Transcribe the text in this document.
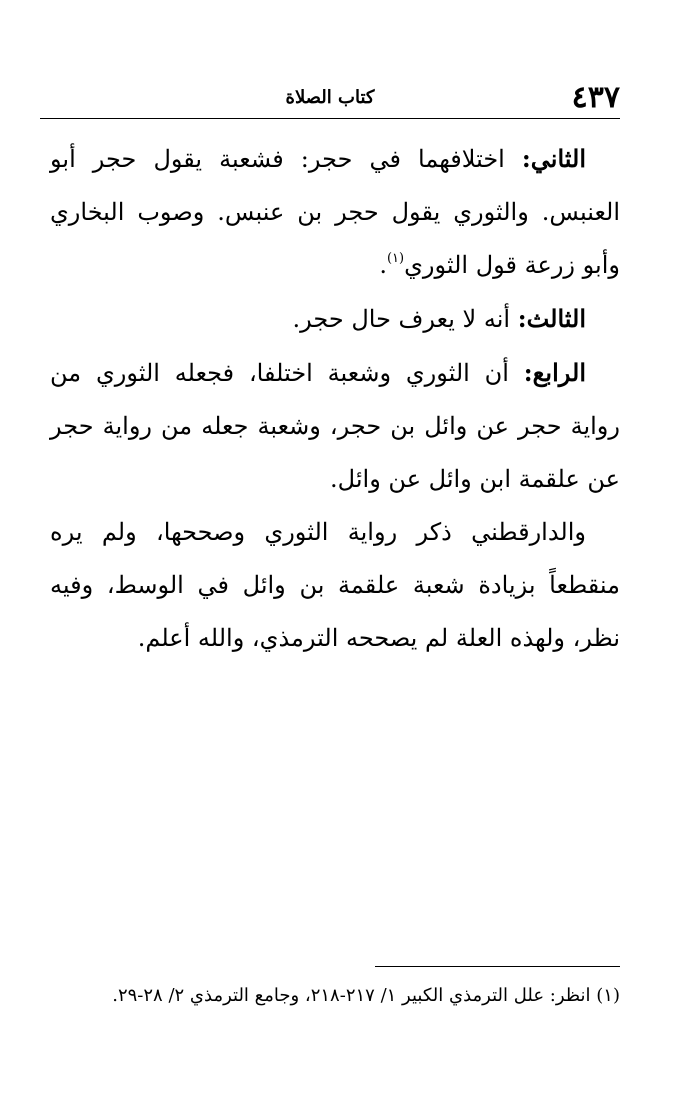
٤٣٧
كتاب الصلاة

الثاني: اختلافهما في حجر: فشعبة يقول حجر أبو العنبس. والثوري يقول حجر بن عنبس. وصوب البخاري وأبو زرعة قول الثوري$^{(١)}$.

الثالث: أنه لا يعرف حال حجر.

الرابع: أن الثوري وشعبة اختلفا، فجعله الثوري من رواية حجر عن وائل بن حجر، وشعبة جعله من رواية حجر عن علقمة ابن وائل عن وائل.

والدارقطني ذكر رواية الثوري وصححها، ولم يره منقطعاً بزيادة شعبة علقمة بن وائل في الوسط، وفيه نظر، ولهذه العلة لم يصححه الترمذي، والله أعلم.

(١) انظر: علل الترمذي الكبير ١/ ٢١٧-٢١٨، وجامع الترمذي ٢/ ٢٨-٢٩.
